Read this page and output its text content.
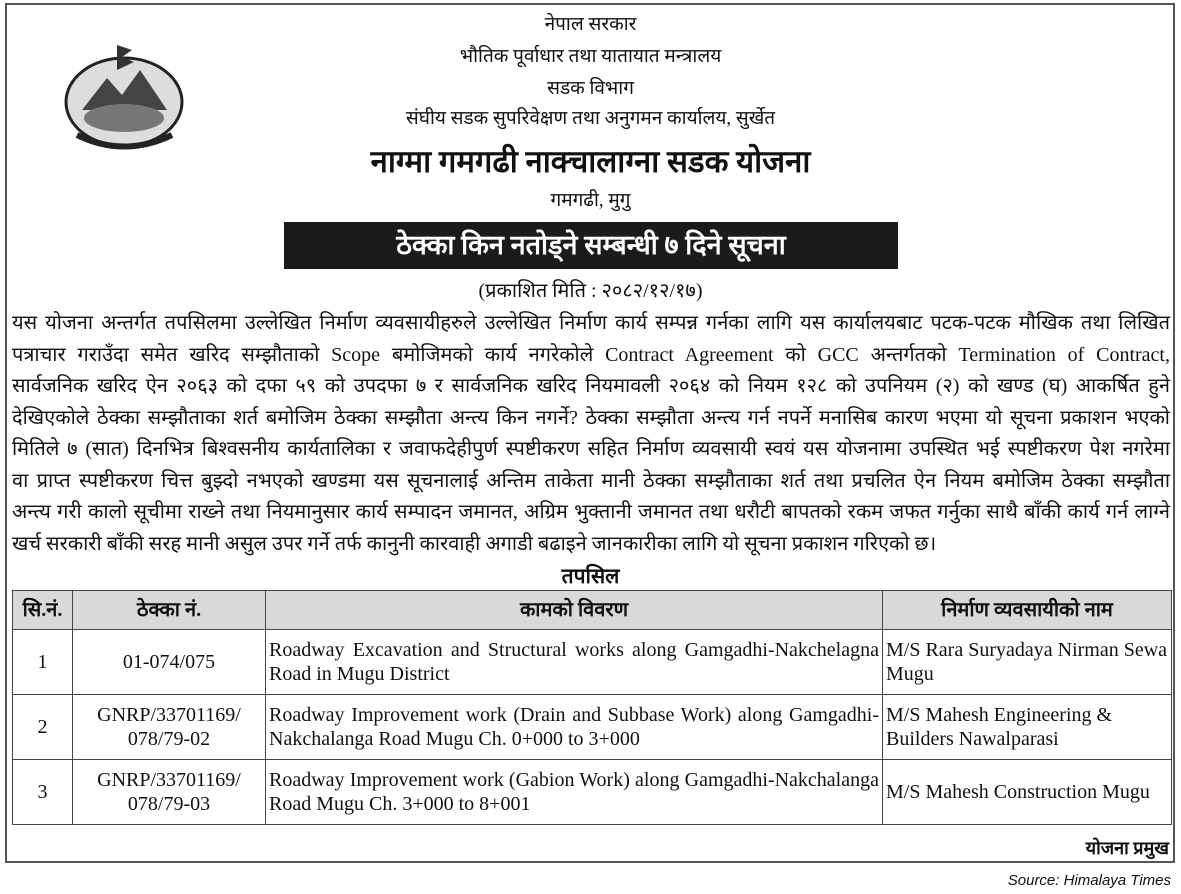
नेपाल सरकार
भौतिक पूर्वाधार तथा यातायात मन्त्रालय
सडक विभाग
संघीय सडक सुपरिवेक्षण तथा अनुगमन कार्यालय, सुर्खेत
नाग्मा गमगढी नाक्चालाग्ना सडक योजना
गमगढी, मुगु
ठेक्का किन नतोड्ने सम्बन्धी ७ दिने सूचना
(प्रकाशित मिति : २०८२/१२/१७)
यस योजना अन्तर्गत तपसिलमा उल्लेखित निर्माण व्यवसायीहरुले उल्लेखित निर्माण कार्य सम्पन्न गर्नका लागि यस कार्यालयबाट पटक-पटक मौखिक तथा लिखित
पत्राचार गराउँदा समेत खरिद सम्झौताको Scope बमोजिमको कार्य नगरेकोले Contract Agreement को GCC अन्तर्गतको Termination of Contract,
सार्वजनिक खरिद ऐन २०६३ को दफा ५९ को उपदफा ७ र सार्वजनिक खरिद नियमावली २०६४ को नियम १२८ को उपनियम (२) को खण्ड (घ) आकर्षित हुने
देखिएकोले ठेक्का सम्झौताका शर्त बमोजिम ठेक्का सम्झौता अन्त्य किन नगर्ने? ठेक्का सम्झौता अन्त्य गर्न नपर्ने मनासिब कारण भएमा यो सूचना प्रकाशन भएको
मितिले ७ (सात) दिनभित्र बिश्वसनीय कार्यतालिका र जवाफदेहीपुर्ण स्पष्टीकरण सहित निर्माण व्यवसायी स्वयं यस योजनामा उपस्थित भई स्पष्टीकरण पेश नगरेमा
वा प्राप्त स्पष्टीकरण चित्त बुझ्दो नभएको खण्डमा यस सूचनालाई अन्तिम ताकेता मानी ठेक्का सम्झौताका शर्त तथा प्रचलित ऐन नियम बमोजिम ठेक्का सम्झौता
अन्त्य गरी कालो सूचीमा राख्ने तथा नियमानुसार कार्य सम्पादन जमानत, अग्रिम भुक्तानी जमानत तथा धरौटी बापतको रकम जफत गर्नुका साथै बाँकी कार्य गर्न लाग्ने
खर्च सरकारी बाँकी सरह मानी असुल उपर गर्ने तर्फ कानुनी कारवाही अगाडी बढाइने जानकारीका लागि यो सूचना प्रकाशन गरिएको छ।
तपसिल
सि.नं.	ठेक्का नं.	कामको विवरण	निर्माण व्यवसायीको नाम
1	01-074/075	Roadway Excavation and Structural works along Gamgadhi-Nakchelagna Road in Mugu District	M/S Rara Suryadaya Nirman Sewa Mugu
2	GNRP/33701169/ 078/79-02	Roadway Improvement work (Drain and Subbase Work) along Gamgadhi-Nakchalanga Road Mugu Ch. 0+000 to 3+000	M/S Mahesh Engineering & Builders Nawalparasi
3	GNRP/33701169/ 078/79-03	Roadway Improvement work (Gabion Work) along Gamgadhi-Nakchalanga Road Mugu Ch. 3+000 to 8+001	M/S Mahesh Construction Mugu
योजना प्रमुख
Source: Himalaya Times
